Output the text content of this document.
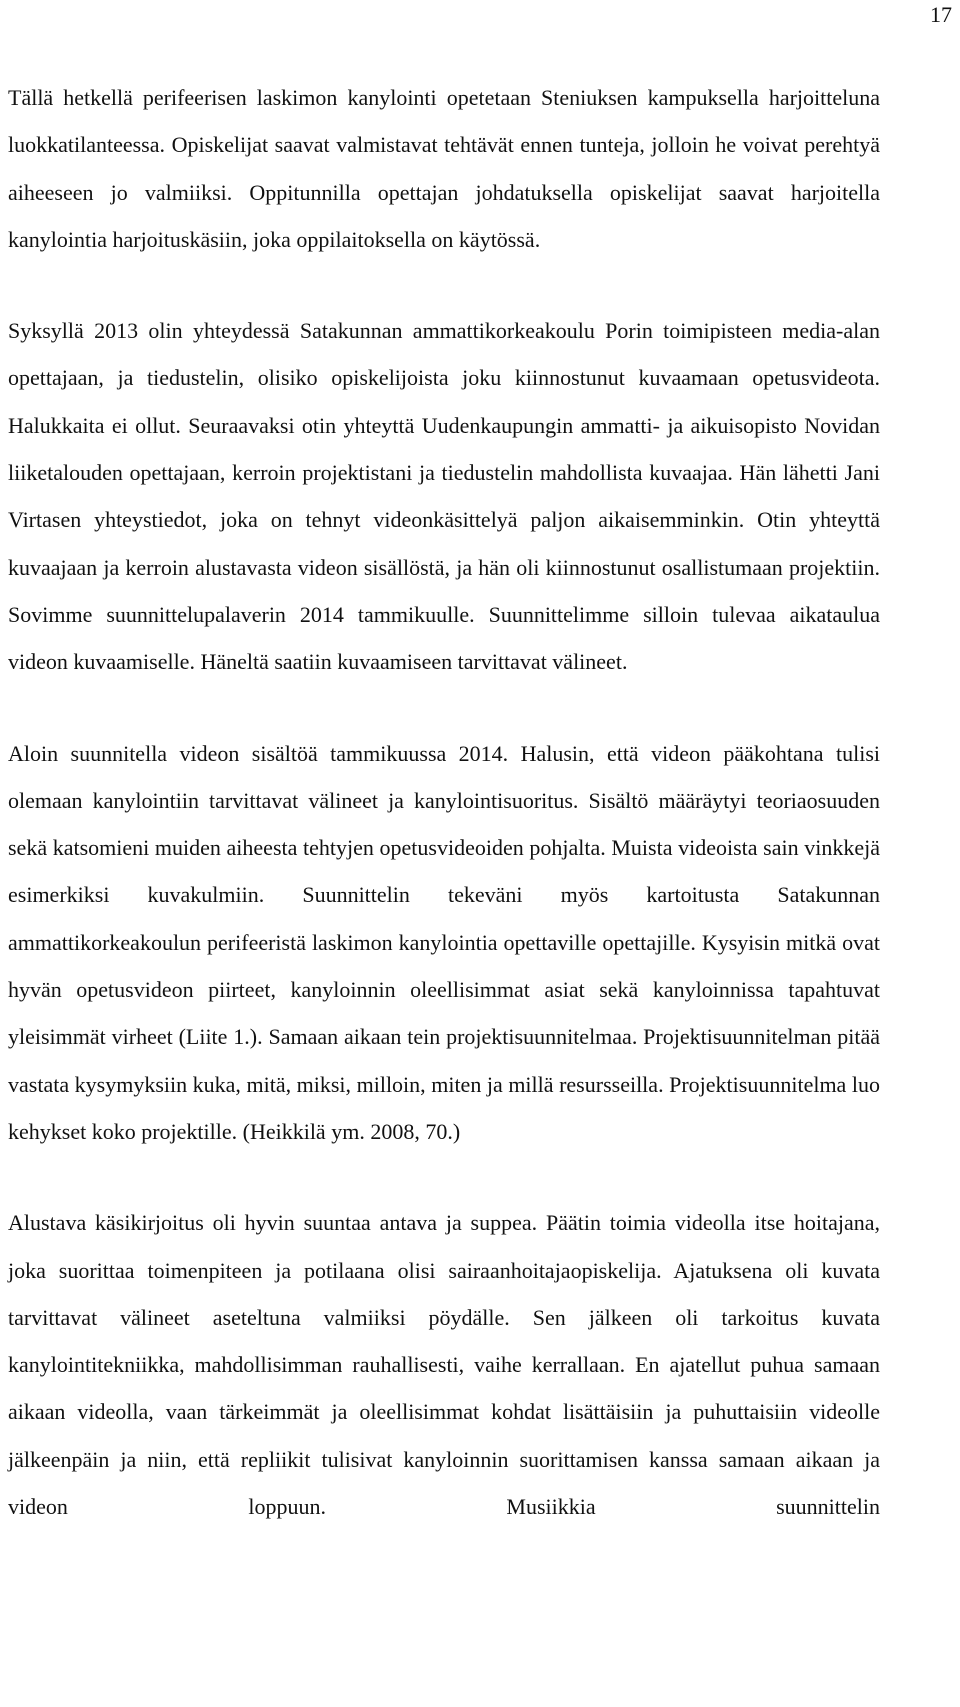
17

Tällä hetkellä perifeerisen laskimon kanylointi opetetaan Steniuksen kampuksella harjoitteluna luokkatilanteessa. Opiskelijat saavat valmistavat tehtävät ennen tunteja, jolloin he voivat perehtyä aiheeseen jo valmiiksi. Oppitunnilla opettajan johdatuksella opiskelijat saavat harjoitella kanylointia harjoituskäsiin, joka oppilaitoksella on käytössä.

Syksyllä 2013 olin yhteydessä Satakunnan ammattikorkeakoulu Porin toimipisteen media-alan opettajaan, ja tiedustelin, olisiko opiskelijoista joku kiinnostunut kuvaamaan opetusvideota. Halukkaita ei ollut. Seuraavaksi otin yhteyttä Uudenkaupungin ammatti- ja aikuisopisto Novidan liiketalouden opettajaan, kerroin projektistani ja tiedustelin mahdollista kuvaajaa. Hän lähetti Jani Virtasen yhteystiedot, joka on tehnyt videonkäsittelyä paljon aikaisemminkin. Otin yhteyttä kuvaajaan ja kerroin alustavasta videon sisällöstä, ja hän oli kiinnostunut osallistumaan projektiin. Sovimme suunnittelupalaverin 2014 tammikuulle. Suunnittelimme silloin tulevaa aikataulua videon kuvaamiselle. Häneltä saatiin kuvaamiseen tarvittavat välineet.

Aloin suunnitella videon sisältöä tammikuussa 2014. Halusin, että videon pääkohtana tulisi olemaan kanylointiin tarvittavat välineet ja kanylointisuoritus. Sisältö määräytyi teoriaosuuden sekä katsomieni muiden aiheesta tehtyjen opetusvideoiden pohjalta. Muista videoista sain vinkkejä esimerkiksi kuvakulmiin. Suunnittelin tekeväni myös kartoitusta Satakunnan ammattikorkeakoulun perifeeristä laskimon kanylointia opettaville opettajille. Kysyisin mitkä ovat hyvän opetusvideon piirteet, kanyloinnin oleellisimmat asiat sekä kanyloinnissa tapahtuvat yleisimmät virheet (Liite 1.). Samaan aikaan tein projektisuunnitelmaa. Projektisuunnitelman pitää vastata kysymyksiin kuka, mitä, miksi, milloin, miten ja millä resursseilla. Projektisuunnitelma luo kehykset koko projektille. (Heikkilä ym. 2008, 70.)

Alustava käsikirjoitus oli hyvin suuntaa antava ja suppea. Päätin toimia videolla itse hoitajana, joka suorittaa toimenpiteen ja potilaana olisi sairaanhoitajaopiskelija. Ajatuksena oli kuvata tarvittavat välineet aseteltuna valmiiksi pöydälle. Sen jälkeen oli tarkoitus kuvata kanylointitekniikka, mahdollisimman rauhallisesti, vaihe kerrallaan. En ajatellut puhua samaan aikaan videolla, vaan tärkeimmät ja oleellisimmat kohdat lisättäisiin ja puhuttaisiin videolle jälkeenpäin ja niin, että repliikit tulisivat kanyloinnin suorittamisen kanssa samaan aikaan ja videon loppuun. Musiikkia suunnittelin
